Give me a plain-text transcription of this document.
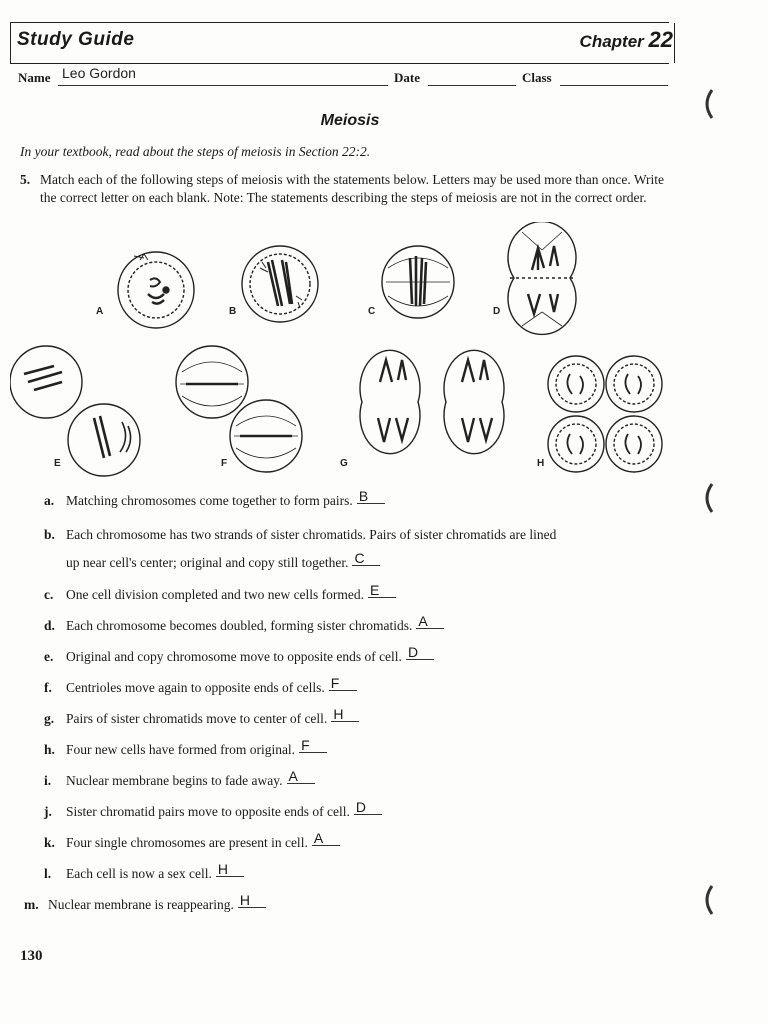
Study Guide	Chapter 22
Name Leo Gordon	Date	Class
Meiosis
In your textbook, read about the steps of meiosis in Section 22:2.
5. Match each of the following steps of meiosis with the statements below. Letters may be used more than once. Write the correct letter on each blank. Note: The statements describing the steps of meiosis are not in the correct order.
A	B	C	D
E	F	G	H
a. Matching chromosomes come together to form pairs. B
b. Each chromosome has two strands of sister chromatids. Pairs of sister chromatids are lined
up near cell's center; original and copy still together. C
c. One cell division completed and two new cells formed. E
d. Each chromosome becomes doubled, forming sister chromatids. A
e. Original and copy chromosome move to opposite ends of cell. D
f. Centrioles move again to opposite ends of cells. F
g. Pairs of sister chromatids move to center of cell. H
h. Four new cells have formed from original. F
i. Nuclear membrane begins to fade away. A
j. Sister chromatid pairs move to opposite ends of cell. D
k. Four single chromosomes are present in cell. A
l. Each cell is now a sex cell. H
m. Nuclear membrane is reappearing. H
130
